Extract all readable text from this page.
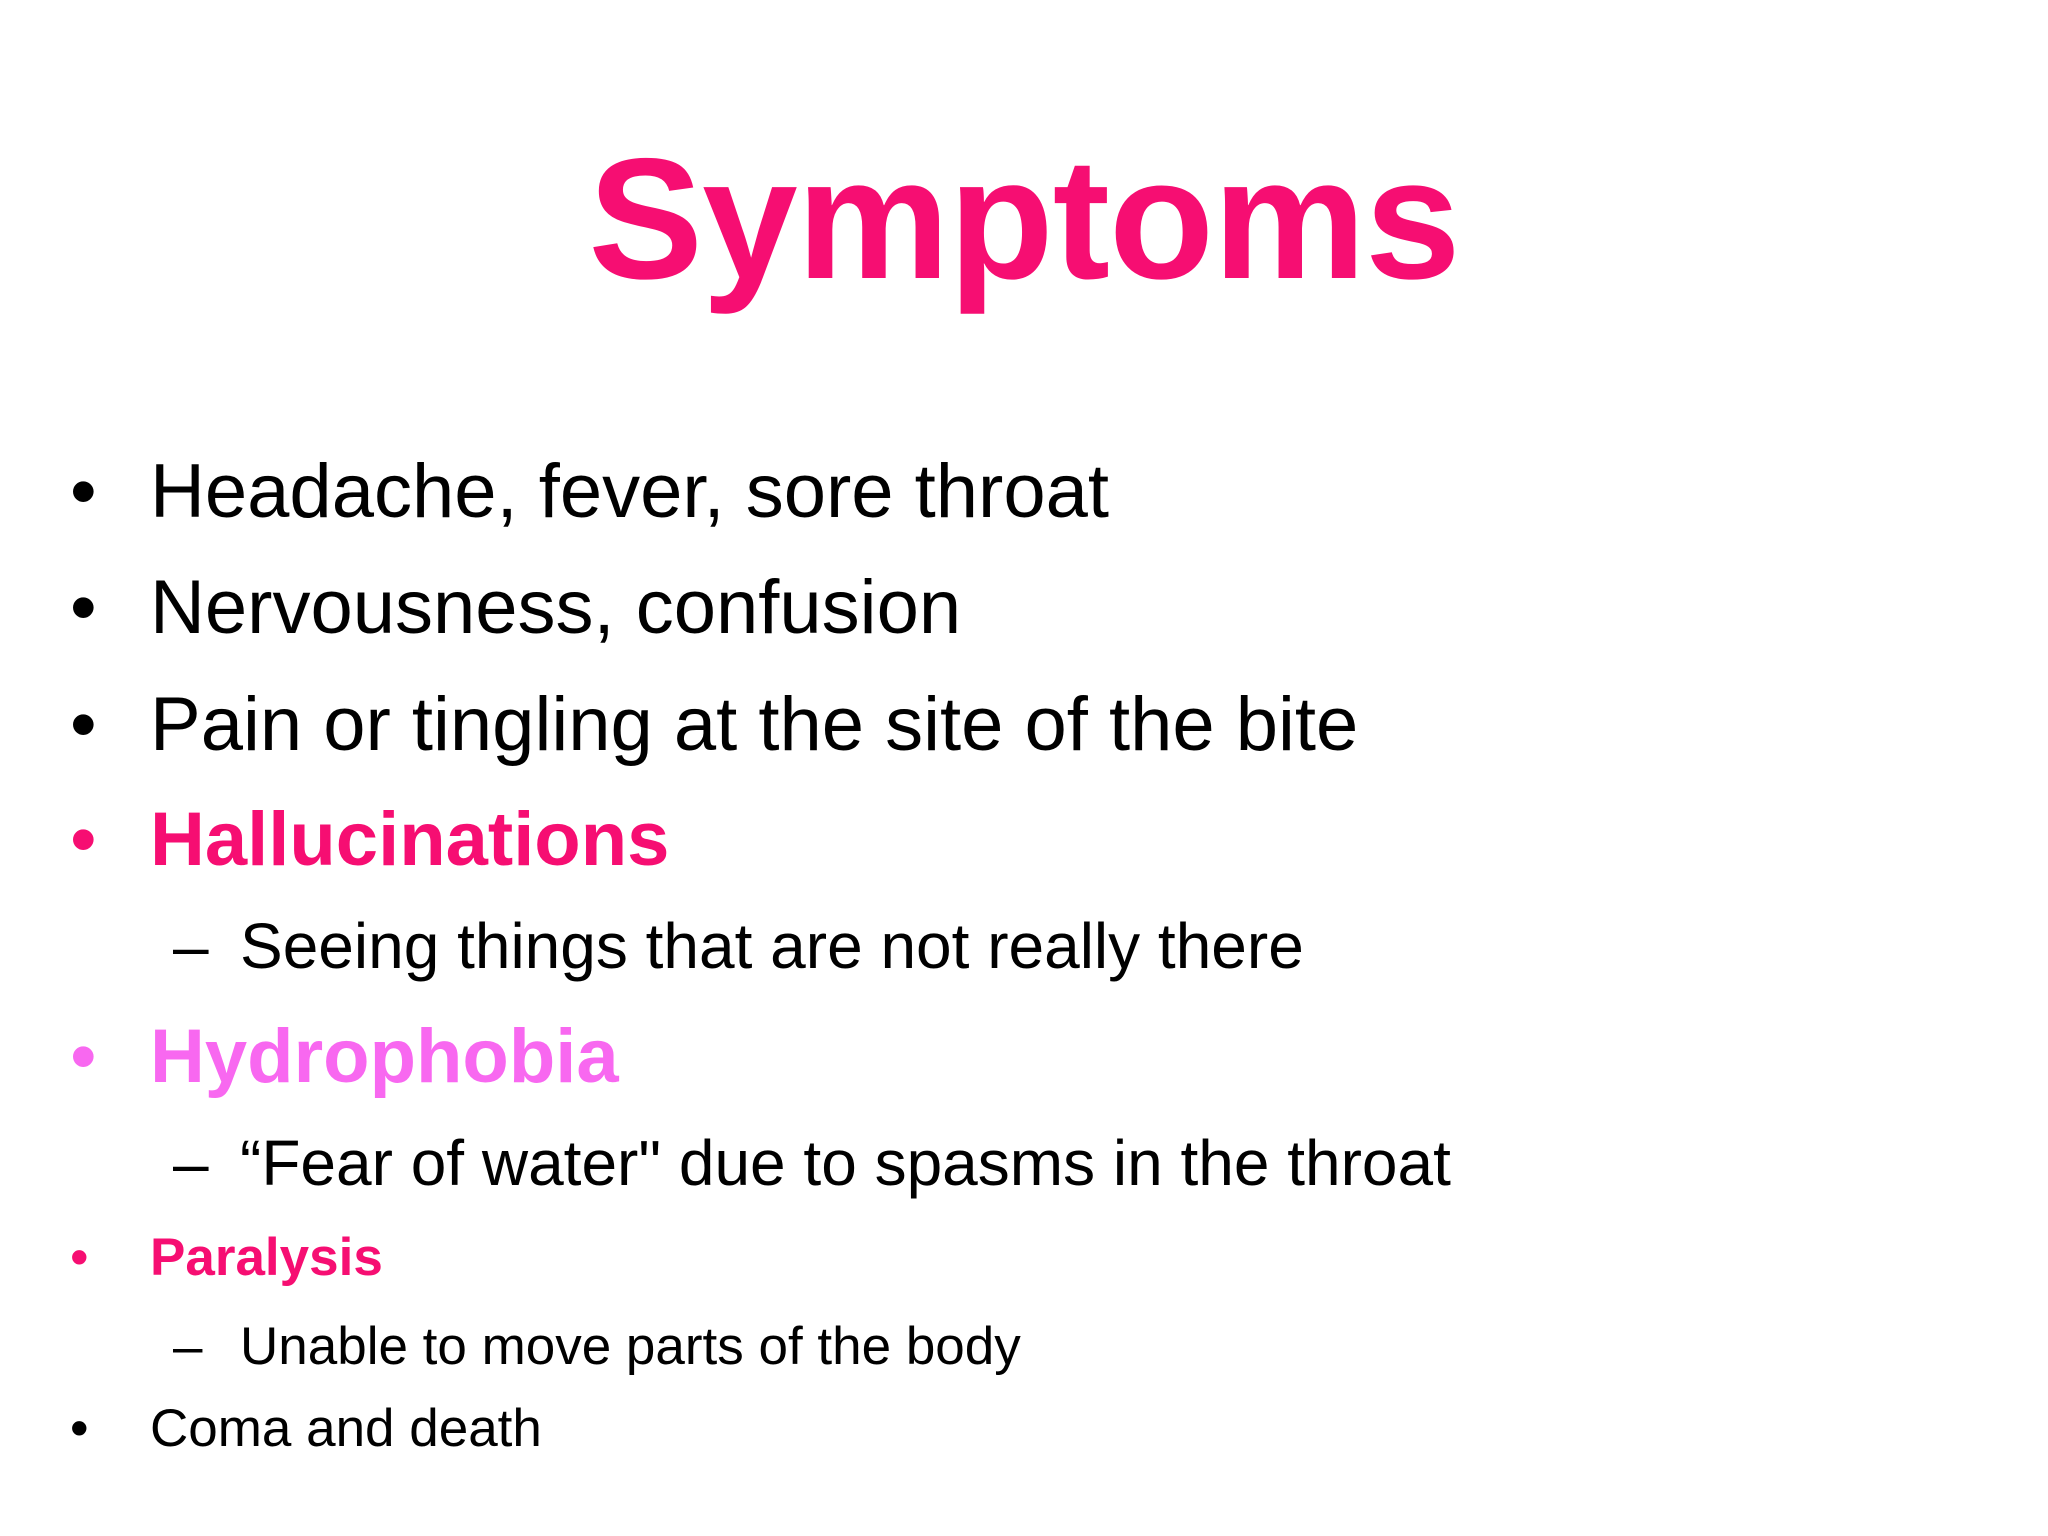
Symptoms
• Headache, fever, sore throat
• Nervousness, confusion
• Pain or tingling at the site of the bite
• Hallucinations
– Seeing things that are not really there
• Hydrophobia
– “Fear of water" due to spasms in the throat
• Paralysis
– Unable to move parts of the body
• Coma and death
